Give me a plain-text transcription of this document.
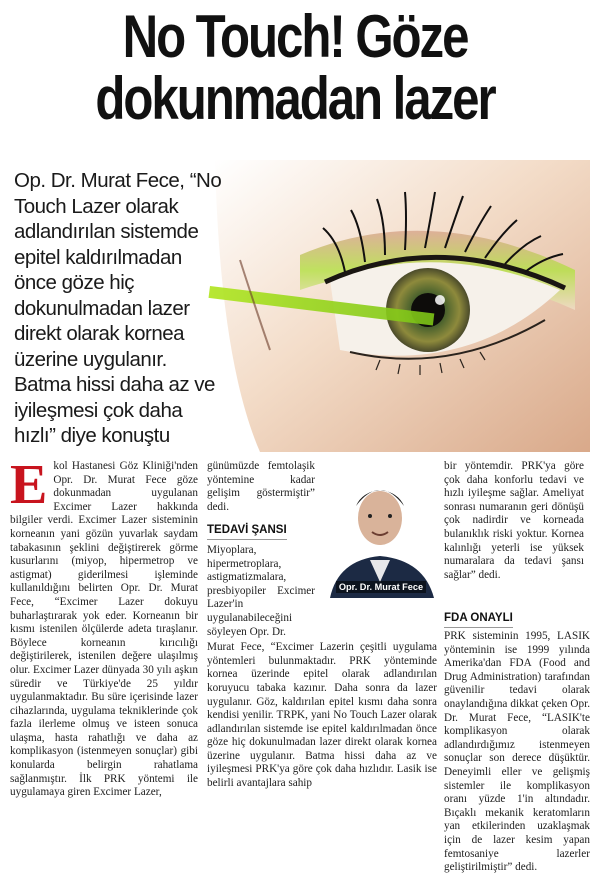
No Touch! Göze
dokunmadan lazer
Op. Dr. Murat Fece, “No Touch Lazer olarak adlandırılan sistemde epitel kaldırılmadan önce göze hiç dokunulmadan lazer direkt olarak kornea üzerine uygulanır. Batma hissi daha az ve iyileşmesi çok daha hızlı” diye konuştu
E kol Hastanesi Göz Kliniği'nden Opr. Dr. Murat Fece göze dokunmadan uygulanan Excimer Lazer hakkında bilgiler verdi. Excimer Lazer sisteminin korneanın yani gözün yuvarlak saydam tabakasının şeklini değiştirerek görme kusurlarını (miyop, hipermetrop ve astigmat) giderilmesi işleminde kullanıldığını belirten Opr. Dr. Murat Fece, “Excimer Lazer dokuyu buharlaştırarak yok eder. Korneanın bir kısmı istenilen ölçülerde adeta tıraşlanır. Böylece korneanın kırıcılığı değiştirilerek, istenilen değere ulaşılmış olur. Excimer Lazer dünyada 30 yılı aşkın süredir ve Türkiye'de 25 yıldır uygulanmaktadır. Bu süre içerisinde lazer cihazlarında, uygulama tekniklerinde çok fazla ilerleme olmuş ve isteen sonuca ulaşma, hasta rahatlığı ve daha az komplikasyon (istenmeyen sonuçlar) gibi konularda belirgin rahatlama sağlanmıştır. İlk PRK yöntemi ile uygulamaya giren Excimer Lazer,

günümüzde femtolaşik yöntemine kadar gelişim göstermiştir” dedi.

TEDAVİ ŞANSI

Miyoplara, hipermetroplara, astigmatizmalara, presbiyopiler Excimer Lazer'in uygulanabileceğini söyleyen Opr. Dr.

Murat Fece, “Excimer Lazerin çeşitli uygulama yöntemleri bulunmaktadır. PRK yönteminde kornea üzerinde epitel olarak adlandırılan koruyucu tabaka kazınır. Daha sonra da lazer uygulanır. Göz, kaldırılan epitel kısmı daha sonra kendisi yenilir. TRPK, yani No Touch Lazer olarak adlandırılan sistemde ise epitel kaldırılmadan önce göze hiç dokunulmadan lazer direkt olarak kornea üzerine uygulanır. Batma hissi daha az ve iyileşmesi PRK'ya göre çok daha hızlıdır. Lasik ise belirli avantajlara sahip

Opr. Dr. Murat Fece

bir yöntemdir. PRK'ya göre çok daha konforlu tedavi ve hızlı iyileşme sağlar. Ameliyat sonrası numaranın geri dönüşü çok nadirdir ve korneada bulanıklık riski yoktur. Kornea kalınlığı yeterli ise yüksek numaralara da tedavi şansı sağlar” dedi.

FDA ONAYLI

PRK sisteminin 1995, LASIK yönteminin ise 1999 yılında Amerika'dan FDA (Food and Drug Administration) tarafından güvenilir tedavi olarak onaylandığına dikkat çeken Opr. Dr. Murat Fece, “LASIK'te komplikasyon olarak adlandırdığımız istenmeyen sonuçlar son derece düşüktür. Deneyimli eller ve gelişmiş sistemler ile komplikasyon oranı yüzde 1'in altındadır. Bıçaklı mekanik keratomların yan etkilerinden uzaklaşmak için de lazer kesim yapan femtosaniye lazerler geliştirilmiştir” dedi.
